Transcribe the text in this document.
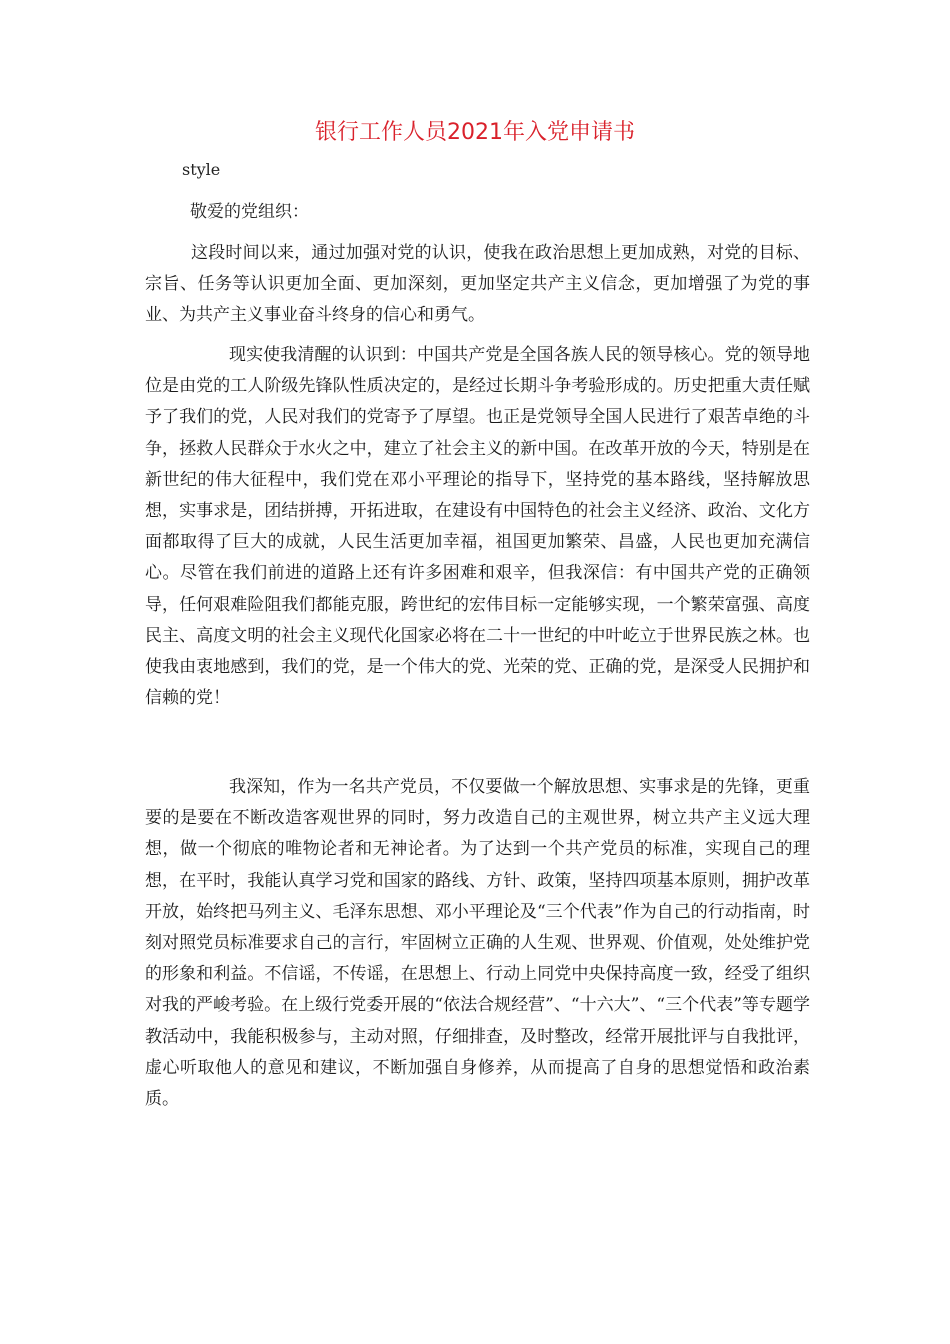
银行工作人员2021年入党申请书
style
敬爱的党组织：

这段时间以来，通过加强对党的认识，使我在政治思想上更加成熟，对党的目标、宗旨、任务等认识更加全面、更加深刻，更加坚定共产主义信念，更加增强了为党的事业、为共产主义事业奋斗终身的信心和勇气。

现实使我清醒的认识到：中国共产党是全国各族人民的领导核心。党的领导地位是由党的工人阶级先锋队性质决定的，是经过长期斗争考验形成的。历史把重大责任赋予了我们的党，人民对我们的党寄予了厚望。也正是党领导全国人民进行了艰苦卓绝的斗争，拯救人民群众于水火之中，建立了社会主义的新中国。在改革开放的今天，特别是在新世纪的伟大征程中，我们党在邓小平理论的指导下，坚持党的基本路线，坚持解放思想，实事求是，团结拼搏，开拓进取，在建设有中国特色的社会主义经济、政治、文化方面都取得了巨大的成就，人民生活更加幸福，祖国更加繁荣、昌盛，人民也更加充满信心。尽管在我们前进的道路上还有许多困难和艰辛，但我深信：有中国共产党的正确领导，任何艰难险阻我们都能克服，跨世纪的宏伟目标一定能够实现，一个繁荣富强、高度民主、高度文明的社会主义现代化国家必将在二十一世纪的中叶屹立于世界民族之林。也使我由衷地感到，我们的党，是一个伟大的党、光荣的党、正确的党，是深受人民拥护和信赖的党！

我深知，作为一名共产党员，不仅要做一个解放思想、实事求是的先锋，更重要的是要在不断改造客观世界的同时，努力改造自己的主观世界，树立共产主义远大理想，做一个彻底的唯物论者和无神论者。为了达到一个共产党员的标准，实现自己的理想，在平时，我能认真学习党和国家的路线、方针、政策，坚持四项基本原则，拥护改革开放，始终把马列主义、毛泽东思想、邓小平理论及“三个代表”作为自己的行动指南，时刻对照党员标准要求自己的言行，牢固树立正确的人生观、世界观、价值观，处处维护党的形象和利益。不信谣，不传谣，在思想上、行动上同党中央保持高度一致，经受了组织对我的严峻考验。在上级行党委开展的“依法合规经营”、“十六大”、“三个代表”等专题学教活动中，我能积极参与，主动对照，仔细排查，及时整改，经常开展批评与自我批评，虚心听取他人的意见和建议，不断加强自身修养，从而提高了自身的思想觉悟和政治素质。
